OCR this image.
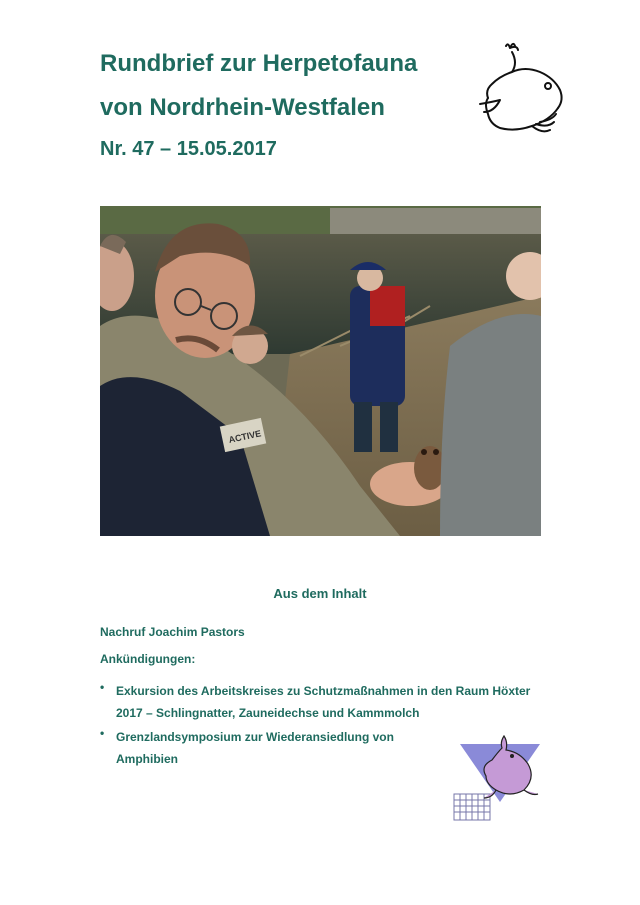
Rundbrief zur Herpetofauna
von Nordrhein-Westfalen
Nr. 47 – 15.05.2017
ACTIVE
Aus dem Inhalt
Nachruf Joachim Pastors
Ankündigungen:
• Exkursion des Arbeitskreises zu Schutzmaßnahmen in den Raum Höxter 2017 – Schlingnatter, Zauneidechse und Kammmolch
• Grenzlandsymposium zur Wiederansiedlung von Amphibien
